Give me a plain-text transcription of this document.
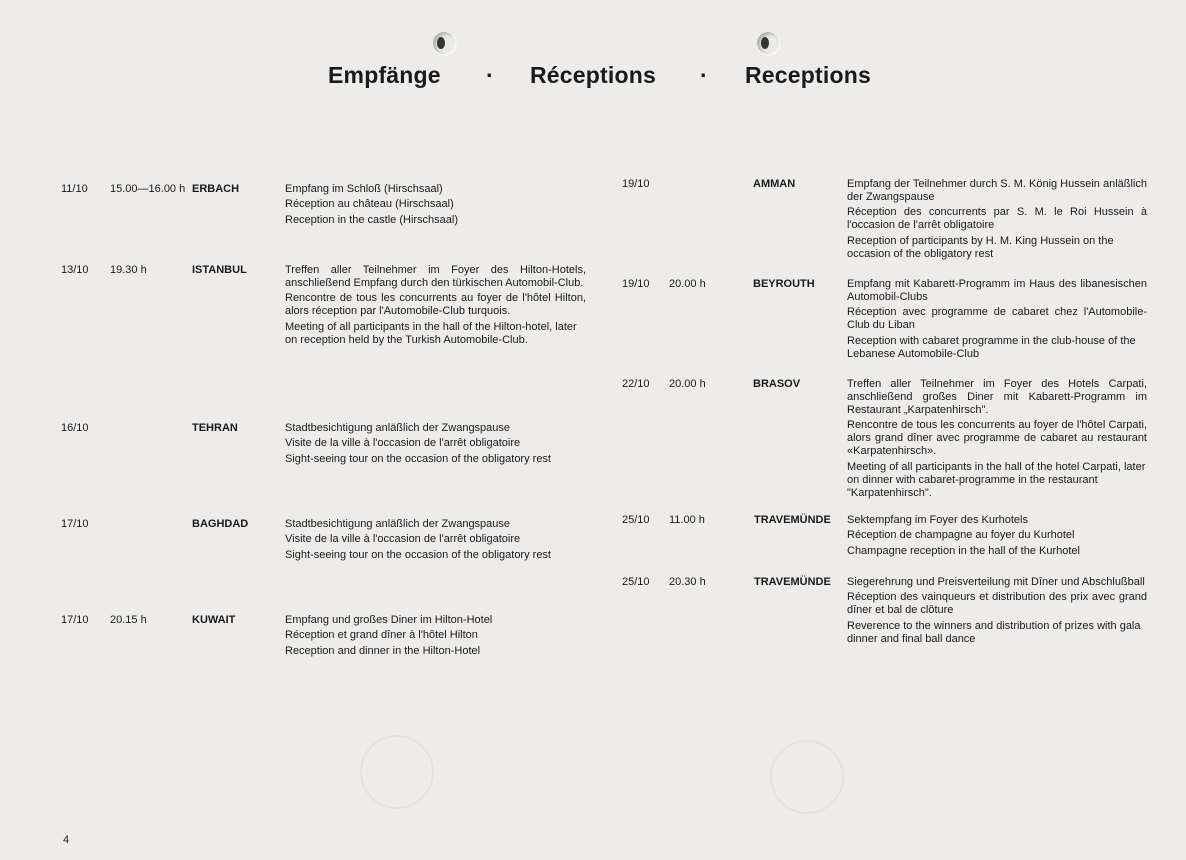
Empfänge · Réceptions · Receptions
11/10 15.00—16.00 h ERBACH	Empfang im Schloß (Hirschsaal)

Réception au château (Hirschsaal)

Reception in the castle (Hirschsaal)

13/10 19.30 h	ISTANBUL	Treffen aller Teilnehmer im Foyer des Hilton-Hotels, anschließend Empfang durch den türkischen Automobil-Club.

Rencontre de tous les concurrents au foyer de l'hôtel Hilton, alors réception par l'Automobile-Club turquois.

Meeting of all participants in the hall of the Hilton-hotel, later on reception held by the Turkish Automobile-Club.

16/10	TEHRAN	Stadtbesichtigung anläßlich der Zwangspause

Visite de la ville à l'occasion de l'arrêt obligatoire

Sight-seeing tour on the occasion of the obligatory rest

17/10	BAGHDAD	Stadtbesichtigung anläßlich der Zwangspause

Visite de la ville à l'occasion de l'arrêt obligatoire

Sight-seeing tour on the occasion of the obligatory rest

17/10 20.15 h	KUWAIT	Empfang und großes Diner im Hilton-Hotel

Réception et grand dîner à l'hôtel Hilton

Reception and dinner in the Hilton-Hotel

19/10	AMMAN	Empfang der Teilnehmer durch S. M. König Hussein anläßlich der Zwangspause

Réception des concurrents par S. M. le Roi Hussein à l'occasion de l'arrêt obligatoire

Reception of participants by H. M. King Hussein on the occasion of the obligatory rest

19/10 20.00 h	BEYROUTH	Empfang mit Kabarett-Programm im Haus des libanesischen Automobil-Clubs

Réception avec programme de cabaret chez l'Automobile-Club du Liban

Reception with cabaret programme in the club-house of the Lebanese Automobile-Club

22/10 20.00 h	BRASOV	Treffen aller Teilnehmer im Foyer des Hotels Carpati, anschließend großes Diner mit Kabarett-Programm im Restaurant „Karpatenhirsch".

Rencontre de tous les concurrents au foyer de l'hôtel Carpati, alors grand dîner avec programme de cabaret au restaurant «Karpatenhirsch».

Meeting of all participants in the hall of the hotel Carpati, later on dinner with cabaret-programme in the restaurant "Karpatenhirsch".

25/10 11.00 h	TRAVEMÜNDE Sektempfang im Foyer des Kurhotels

Réception de champagne au foyer du Kurhotel

Champagne reception in the hall of the Kurhotel

25/10 20.30 h	TRAVEMÜNDE Siegerehrung und Preisverteilung mit Dîner und Abschlußball

Réception des vainqueurs et distribution des prix avec grand dîner et bal de clôture

Reverence to the winners and distribution of prizes with gala dinner and final ball dance

4
